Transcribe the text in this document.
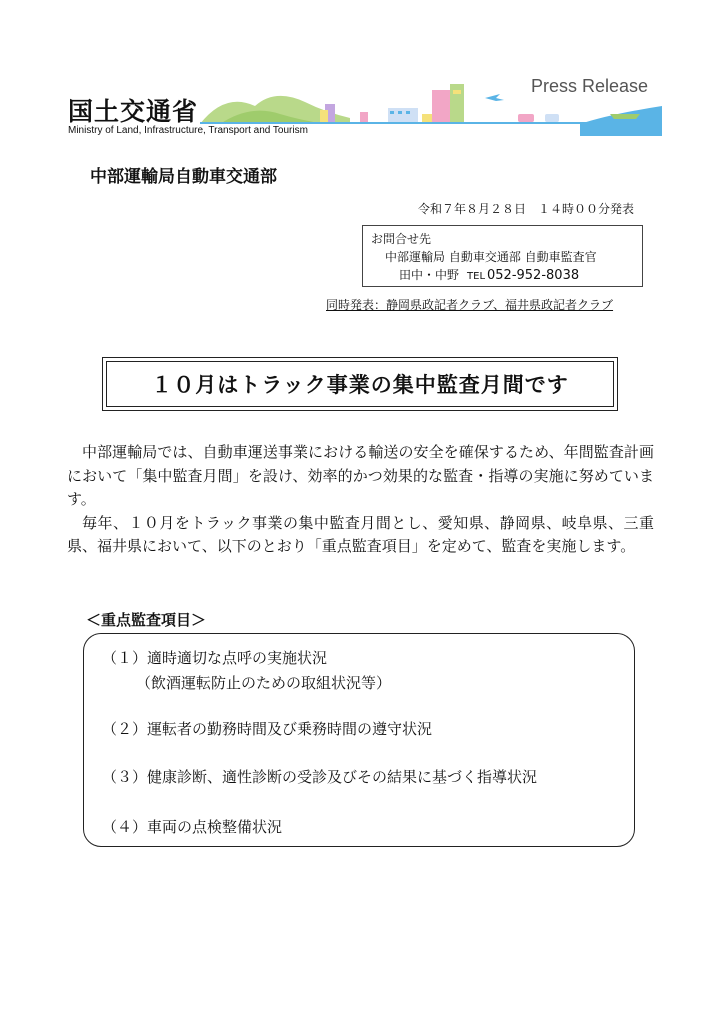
国土交通省
Ministry of Land, Infrastructure, Transport and Tourism
Press Release
中部運輸局自動車交通部
令和７年８月２８日　１４時００分発表
お問合せ先
中部運輸局 自動車交通部 自動車監査官
田中・中野 TEL 052-952-8038
同時発表：静岡県政記者クラブ、福井県政記者クラブ
１０月はトラック事業の集中監査月間です

中部運輸局では、自動車運送事業における輸送の安全を確保するため、年間監査計画において「集中監査月間」を設け、効率的かつ効果的な監査・指導の実施に努めています。

毎年、１０月をトラック事業の集中監査月間とし、愛知県、静岡県、岐阜県、三重県、福井県において、以下のとおり「重点監査項目」を定めて、監査を実施します。

＜重点監査項目＞
（１）適時適切な点呼の実施状況
（飲酒運転防止のための取組状況等）
（２）運転者の勤務時間及び乗務時間の遵守状況
（３）健康診断、適性診断の受診及びその結果に基づく指導状況
（４）車両の点検整備状況
